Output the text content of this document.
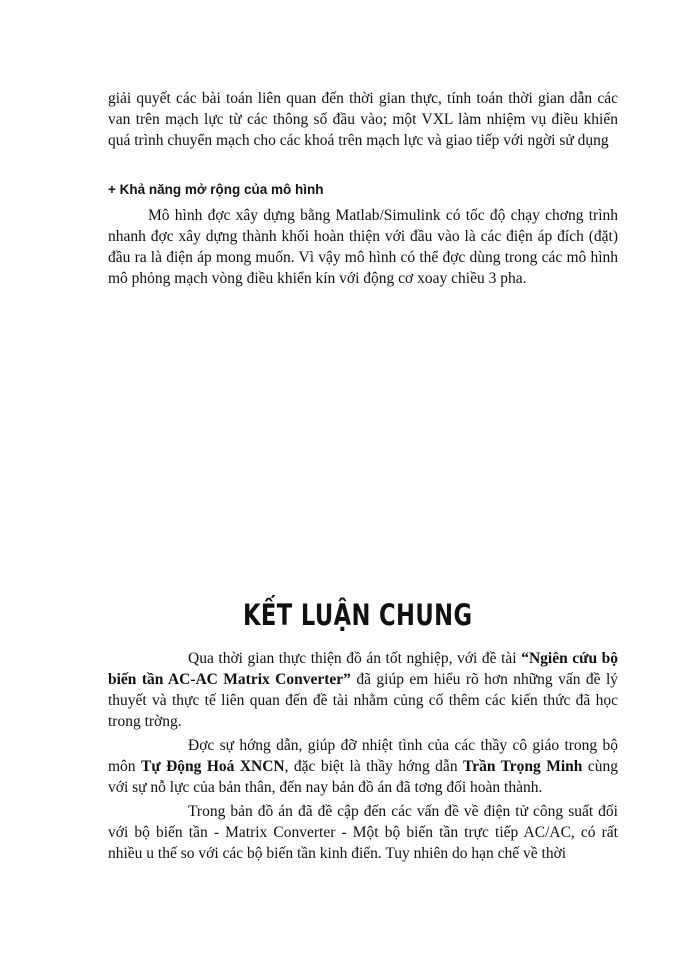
giải quyết các bài toán liên quan đến thời gian thực, tính toán thời gian dẫn các van trên mạch lực từ các thông số đầu vào; một VXL làm nhiệm vụ điều khiển quá trình chuyển mạch cho các khoá trên mạch lực và giao tiếp với ngời sử dụng

+ Khả năng mở rộng của mô hình

Mô hình đợc xây dựng bằng Matlab/Simulink có tốc độ chạy chơng trình nhanh đợc xây dựng thành khối hoàn thiện với đầu vào là các điện áp đích (đặt) đầu ra là điện áp mong muốn. Vì vậy mô hình có thể đợc dùng trong các mô hình mô phỏng mạch vòng điều khiển kín với động cơ xoay chiều 3 pha.

KẾT LUẬN CHUNG

Qua thời gian thực thiện đồ án tốt nghiệp, với đề tài “Ngiên cứu bộ biến tần AC-AC Matrix Converter” đã giúp em hiểu rõ hơn những vấn đề lý thuyết và thực tế liên quan đến đề tài nhằm củng cố thêm các kiến thức đã học trong trờng.

Đợc sự hớng dẫn, giúp đỡ nhiệt tình của các thầy cô giáo trong bộ môn Tự Động Hoá XNCN, đặc biệt là thầy hớng dẫn Trần Trọng Minh cùng với sự nỗ lực của bản thân, đến nay bản đồ án đã tơng đối hoàn thành.

Trong bản đồ án đã đề cập đến các vấn đề về điện tử công suất đối với bộ biến tần - Matrix Converter - Một bộ biến tần trực tiếp AC/AC, có rất nhiều u thế so với các bộ biến tần kinh điển. Tuy nhiên do hạn chế về thời
